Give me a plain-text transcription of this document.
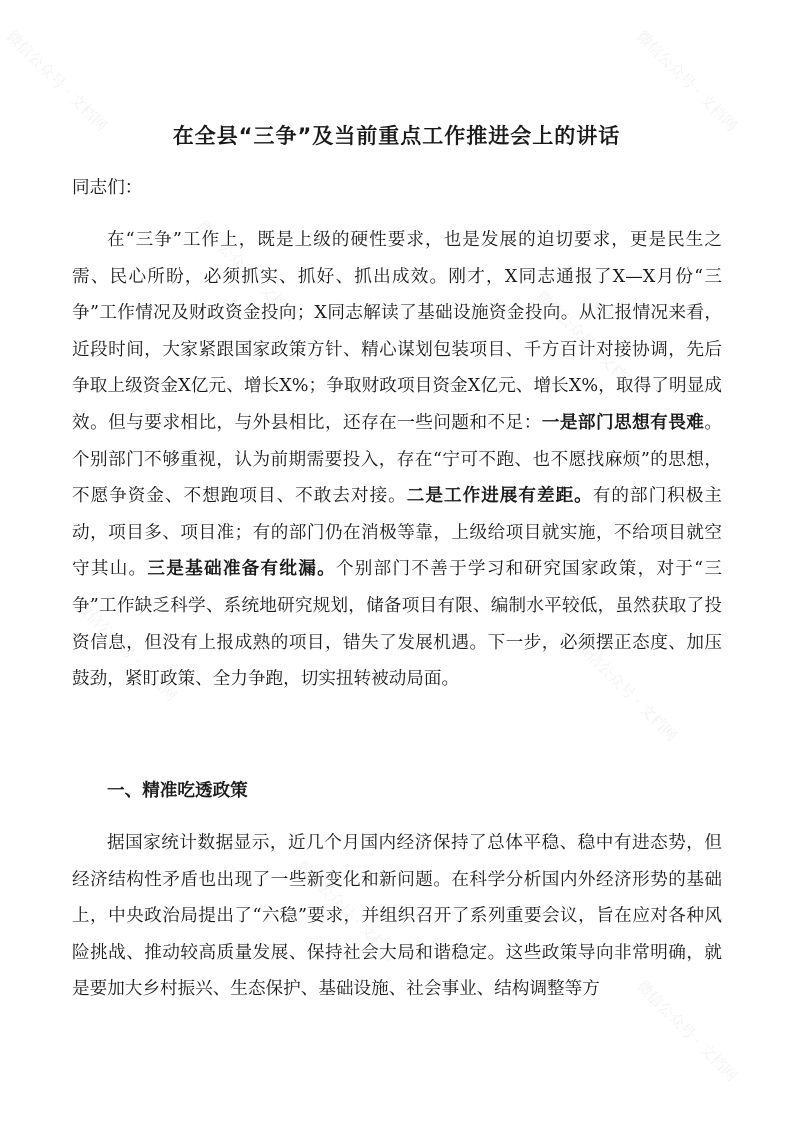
微信公众号 · 文档网	微信公众号 · 文档网
微信公众号 · 文档网
微信公众号 · 文档网
微信公众号 · 文档网	微信公众号 · 文档网
微信公众号 · 文档网
微信公众号 · 文档网
在全县“三争”及当前重点工作推进会上的讲话
同志们：
在“三争”工作上，既是上级的硬性要求，也是发展的迫切要求，更是民生之需、民心所盼，必须抓实、抓好、抓出成效。刚才，X同志通报了X—X月份“三争”工作情况及财政资金投向；X同志解读了基础设施资金投向。从汇报情况来看，近段时间，大家紧跟国家政策方针、精心谋划包装项目、千方百计对接协调，先后争取上级资金X亿元、增长X%；争取财政项目资金X亿元、增长X%，取得了明显成效。但与要求相比，与外县相比，还存在一些问题和不足：一是部门思想有畏难。个别部门不够重视，认为前期需要投入，存在“宁可不跑、也不愿找麻烦”的思想，不愿争资金、不想跑项目、不敢去对接。二是工作进展有差距。有的部门积极主动，项目多、项目准；有的部门仍在消极等靠，上级给项目就实施，不给项目就空守其山。三是基础准备有纰漏。个别部门不善于学习和研究国家政策，对于“三争”工作缺乏科学、系统地研究规划，储备项目有限、编制水平较低，虽然获取了投资信息，但没有上报成熟的项目，错失了发展机遇。下一步，必须摆正态度、加压鼓劲，紧盯政策、全力争跑，切实扭转被动局面。
一、精准吃透政策
据国家统计数据显示，近几个月国内经济保持了总体平稳、稳中有进态势，但经济结构性矛盾也出现了一些新变化和新问题。在科学分析国内外经济形势的基础上，中央政治局提出了“六稳”要求，并组织召开了系列重要会议，旨在应对各种风险挑战、推动较高质量发展、保持社会大局和谐稳定。这些政策导向非常明确，就是要加大乡村振兴、生态保护、基础设施、社会事业、结构调整等方
